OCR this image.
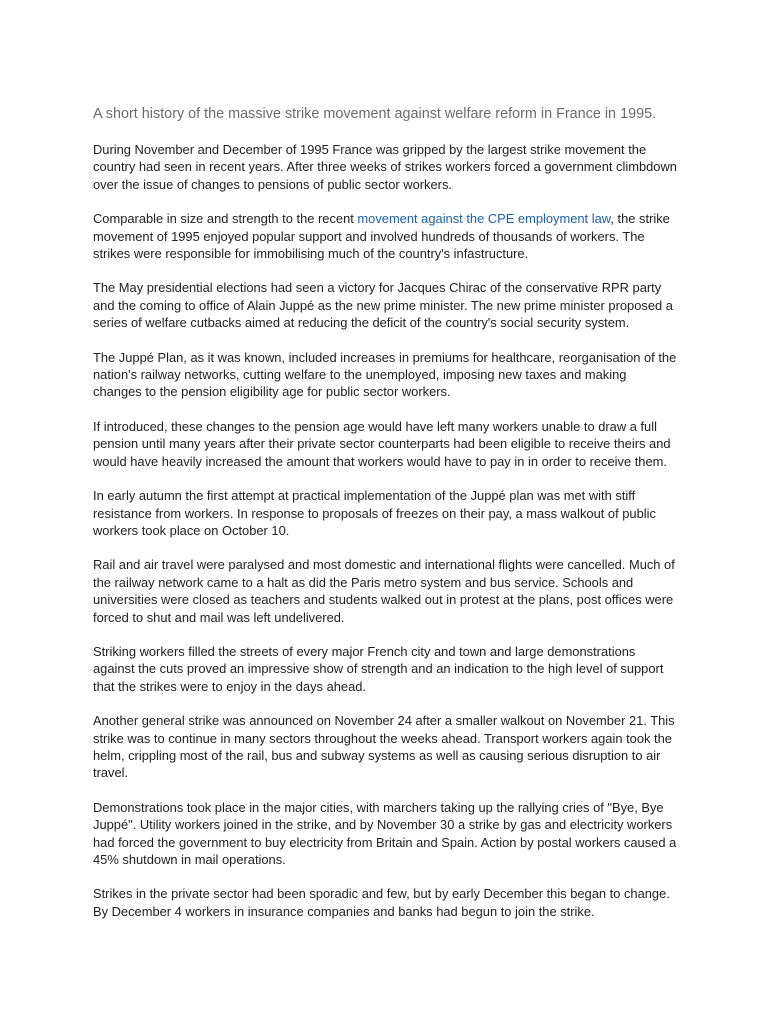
A short history of the massive strike movement against welfare reform in France in 1995.

During November and December of 1995 France was gripped by the largest strike movement the country had seen in recent years. After three weeks of strikes workers forced a government climbdown over the issue of changes to pensions of public sector workers.

Comparable in size and strength to the recent movement against the CPE employment law, the strike movement of 1995 enjoyed popular support and involved hundreds of thousands of workers. The strikes were responsible for immobilising much of the country's infastructure.

The May presidential elections had seen a victory for Jacques Chirac of the conservative RPR party and the coming to office of Alain Juppé as the new prime minister. The new prime minister proposed a series of welfare cutbacks aimed at reducing the deficit of the country's social security system.

The Juppé Plan, as it was known, included increases in premiums for healthcare, reorganisation of the nation's railway networks, cutting welfare to the unemployed, imposing new taxes and making changes to the pension eligibility age for public sector workers.

If introduced, these changes to the pension age would have left many workers unable to draw a full pension until many years after their private sector counterparts had been eligible to receive theirs and would have heavily increased the amount that workers would have to pay in in order to receive them.

In early autumn the first attempt at practical implementation of the Juppé plan was met with stiff resistance from workers. In response to proposals of freezes on their pay, a mass walkout of public workers took place on October 10.

Rail and air travel were paralysed and most domestic and international flights were cancelled. Much of the railway network came to a halt as did the Paris metro system and bus service. Schools and universities were closed as teachers and students walked out in protest at the plans, post offices were forced to shut and mail was left undelivered.

Striking workers filled the streets of every major French city and town and large demonstrations against the cuts proved an impressive show of strength and an indication to the high level of support that the strikes were to enjoy in the days ahead.

Another general strike was announced on November 24 after a smaller walkout on November 21. This strike was to continue in many sectors throughout the weeks ahead. Transport workers again took the helm, crippling most of the rail, bus and subway systems as well as causing serious disruption to air travel.

Demonstrations took place in the major cities, with marchers taking up the rallying cries of "Bye, Bye Juppé". Utility workers joined in the strike, and by November 30 a strike by gas and electricity workers had forced the government to buy electricity from Britain and Spain. Action by postal workers caused a 45% shutdown in mail operations.

Strikes in the private sector had been sporadic and few, but by early December this began to change. By December 4 workers in insurance companies and banks had begun to join the strike.
